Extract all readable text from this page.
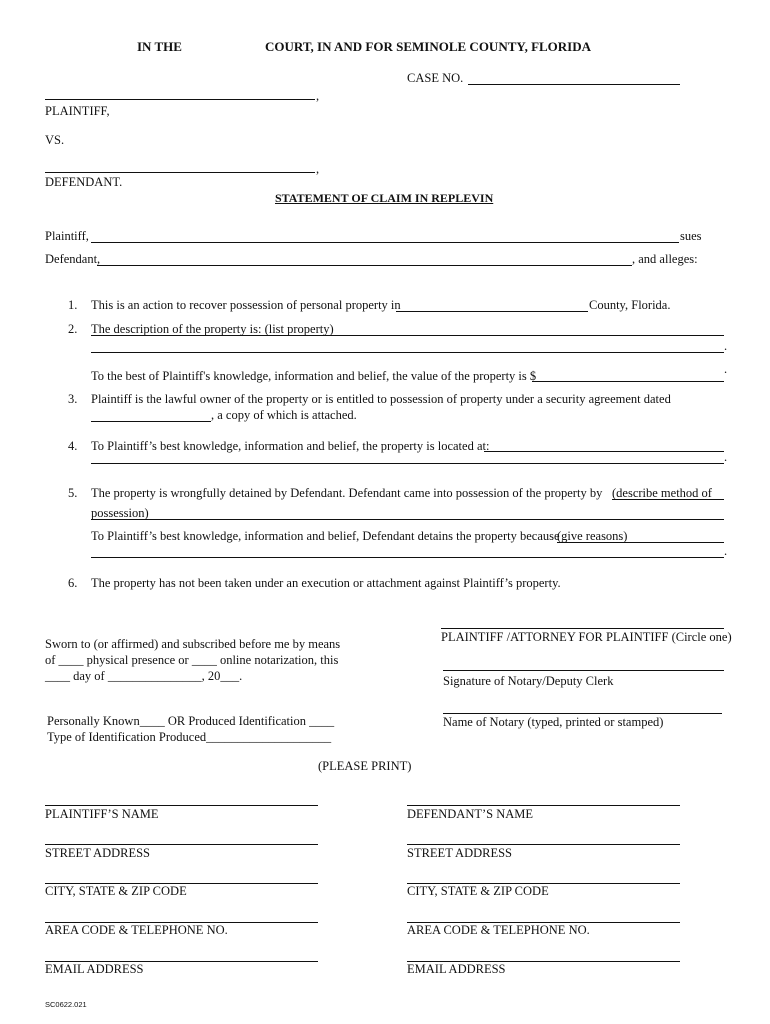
IN THE	COURT, IN AND FOR SEMINOLE COUNTY, FLORIDA
CASE NO.
,
PLAINTIFF,
VS.
,
DEFENDANT.
STATEMENT OF CLAIM IN REPLEVIN
Plaintiff,	sues
Defendant,	, and alleges:
1. This is an action to recover possession of personal property in	County, Florida.
2. The description of the property is: (list property)
.
To the best of Plaintiff's knowledge, information and belief, the value of the property is $	.
3. Plaintiff is the lawful owner of the property or is entitled to possession of property under a security agreement dated
, a copy of which is attached.
4. To Plaintiff’s best knowledge, information and belief, the property is located at:
.
5. The property is wrongfully detained by Defendant. Defendant came into possession of the property by (describe method of
possession)
To Plaintiff’s best knowledge, information and belief, Defendant detains the property because
(give reasons)
.
6. The property has not been taken under an execution or attachment against Plaintiff’s property.
PLAINTIFF /ATTORNEY FOR PLAINTIFF (Circle one)
Sworn to (or affirmed) and subscribed before me by means
of ____ physical presence or ____ online notarization, this
____ day of _______________, 20___.	Signature of Notary/Deputy Clerk
Name of Notary (typed, printed or stamped)
Personally Known____ OR Produced Identification ____
Type of Identification Produced____________________
(PLEASE PRINT)
PLAINTIFF’S NAME
STREET ADDRESS
CITY, STATE & ZIP CODE
AREA CODE & TELEPHONE NO.
EMAIL ADDRESS
DEFENDANT’S NAME
STREET ADDRESS
CITY, STATE & ZIP CODE
AREA CODE & TELEPHONE NO.
EMAIL ADDRESS
SC0622.021
